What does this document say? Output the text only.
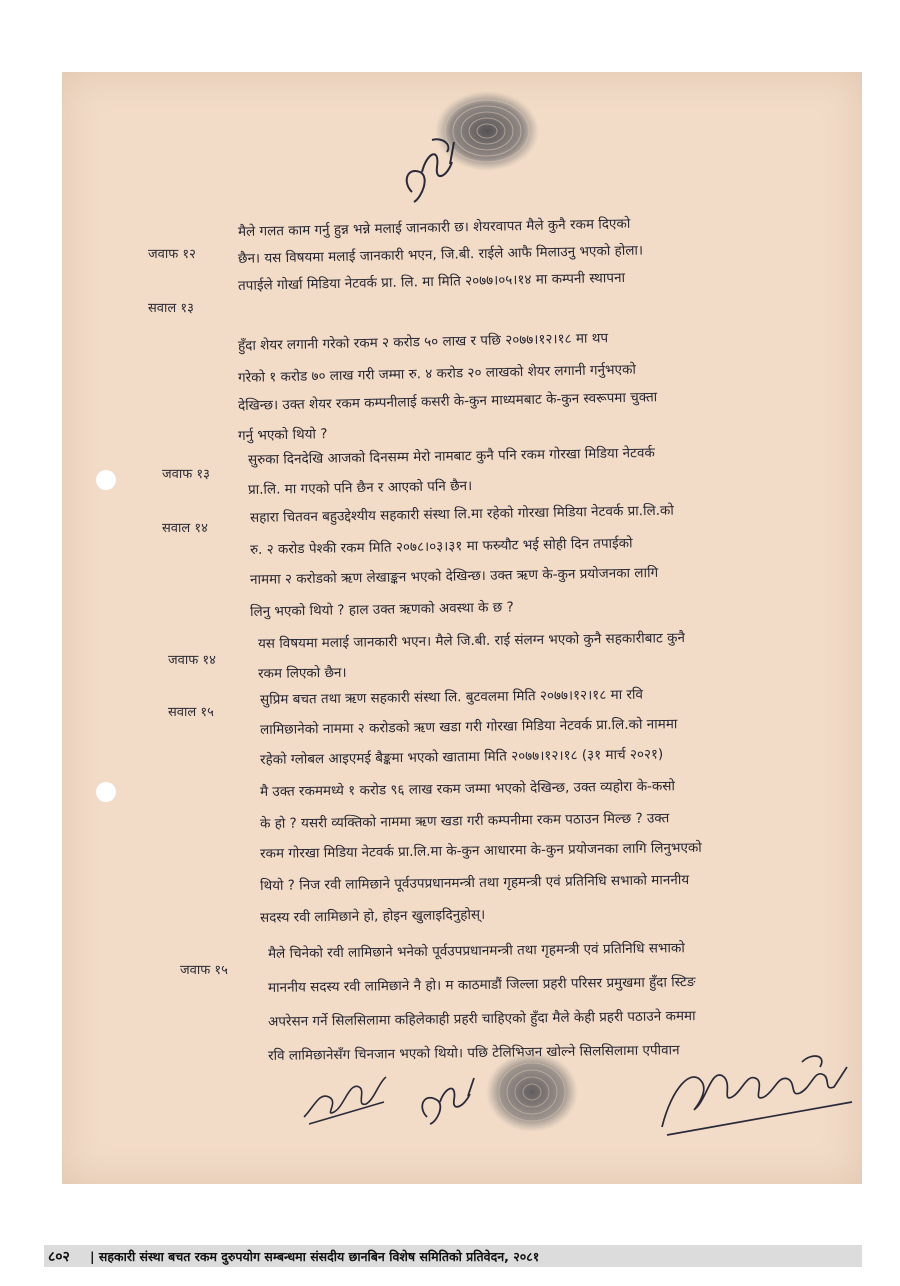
जवाफ १२
मैले गलत काम गर्नु हुन्न भन्ने मलाई जानकारी छ। शेयरवापत मैले कुनै रकम दिएको
छैन। यस विषयमा मलाई जानकारी भएन, जि.बी. राईले आफै मिलाउनु भएको होला।
सवाल १३
तपाईले गोर्खा मिडिया नेटवर्क प्रा. लि. मा मिति २०७७।०५।१४ मा कम्पनी स्थापना
हुँदा शेयर लगानी गरेको रकम २ करोड ५० लाख र पछि २०७७।१२।१८ मा थप
गरेको १ करोड ७० लाख गरी जम्मा रु. ४ करोड २० लाखको शेयर लगानी गर्नुभएको
देखिन्छ। उक्त शेयर रकम कम्पनीलाई कसरी के-कुन माध्यमबाट के-कुन स्वरूपमा चुक्ता
गर्नु भएको थियो ?
जवाफ १३
सुरुका दिनदेखि आजको दिनसम्म मेरो नामबाट कुनै पनि रकम गोरखा मिडिया नेटवर्क
प्रा.लि. मा गएको पनि छैन र आएको पनि छैन।
सवाल १४
सहारा चितवन बहुउद्देश्यीय सहकारी संस्था लि.मा रहेको गोरखा मिडिया नेटवर्क प्रा.लि.को
रु. २ करोड पेश्की रकम मिति २०७८।०३।३१ मा फस्र्यौट भई सोही दिन तपाईको
नाममा २ करोडको ऋण लेखाङ्कन भएको देखिन्छ। उक्त ऋण के-कुन प्रयोजनका लागि
लिनु भएको थियो ? हाल उक्त ऋणको अवस्था के छ ?
जवाफ १४
यस विषयमा मलाई जानकारी भएन। मैले जि.बी. राई संलग्न भएको कुनै सहकारीबाट कुनै
रकम लिएको छैन।
सवाल १५
सुप्रिम बचत तथा ऋण सहकारी संस्था लि. बुटवलमा मिति २०७७।१२।१८ मा रवि
लामिछानेको नाममा २ करोडको ऋण खडा गरी गोरखा मिडिया नेटवर्क प्रा.लि.को नाममा
रहेको ग्लोबल आइएमई बैङ्कमा भएको खातामा मिति २०७७।१२।१८ (३१ मार्च २०२१)
मै उक्त रकममध्ये १ करोड ९६ लाख रकम जम्मा भएको देखिन्छ, उक्त व्यहोरा के-कसो
के हो ? यसरी व्यक्तिको नाममा ऋण खडा गरी कम्पनीमा रकम पठाउन मिल्छ ? उक्त
रकम गोरखा मिडिया नेटवर्क प्रा.लि.मा के-कुन आधारमा के-कुन प्रयोजनका लागि लिनुभएको
थियो ? निज रवी लामिछाने पूर्वउपप्रधानमन्त्री तथा गृहमन्त्री एवं प्रतिनिधि सभाको माननीय
सदस्य रवी लामिछाने हो, होइन खुलाइदिनुहोस्।
जवाफ १५
मैले चिनेको रवी लामिछाने भनेको पूर्वउपप्रधानमन्त्री तथा गृहमन्त्री एवं प्रतिनिधि सभाको
माननीय सदस्य रवी लामिछाने नै हो। म काठमाडौं जिल्ला प्रहरी परिसर प्रमुखमा हुँदा स्टिङ
अपरेसन गर्ने सिलसिलामा कहिलेकाही प्रहरी चाहिएको हुँदा मैले केही प्रहरी पठाउने कममा
रवि लामिछानेसँग चिनजान भएको थियो। पछि टेलिभिजन खोल्ने सिलसिलामा एपीवान
८०२ | सहकारी संस्था बचत रकम दुरुपयोग सम्बन्धमा संसदीय छानबिन विशेष समितिको प्रतिवेदन, २०८१
